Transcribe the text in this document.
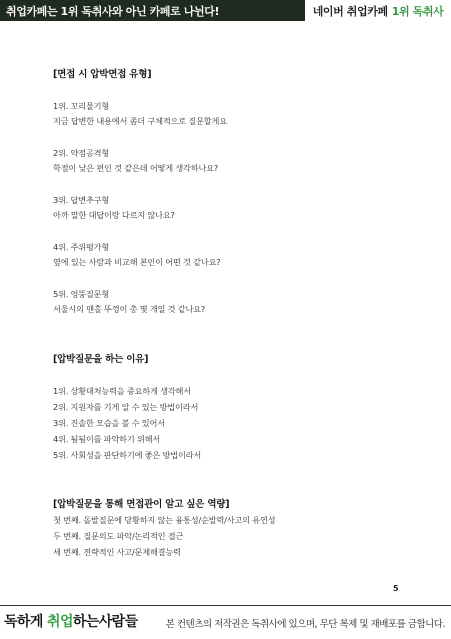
취업카페는 1위 독취사와 아닌 카페로 나뉜다!	네이버 취업카페 1위 독취사
[면접 시 압박면접 유형]
1위. 꼬리물기형
지금 답변한 내용에서 좀더 구체적으로 질문할게요
2위. 약점공격형
학점이 낮은 편인 것 같은데 어떻게 생각하나요?
3위. 답변추구형
아까 말한 대답이랑 다르지 않나요?
4위. 주위평가형
옆에 있는 사람과 비교해 본인이 어떤 것 같나요?
5위. 엉뚱질문형
서울시의 맨홀 뚜껑이 총 몇 개일 것 같나요?
[압박질문을 하는 이유]
1위. 상황대처능력을 중요하게 생각해서
2위. 지원자를 기게 알 수 있는 방법이라서
3위. 진솔한 모습을 볼 수 있어서
4위. 됨됨이를 파악하기 위해서
5위. 사회성을 판단하기에 좋은 방법이라서
[압박질문을 통해 면접관이 알고 싶은 역량]
첫 번째. 돌발질문에 당황하지 않는 융통성/순발력/사고의 유연성
두 번째. 질문의도 파악/논리적인 접근
세 번째. 전략적인 사고/문제해결능력
5
독하게 취업하는사람들	본 컨텐츠의 저작권은 독취사에 있으며, 무단 복제 및 재배포를 금합니다.
